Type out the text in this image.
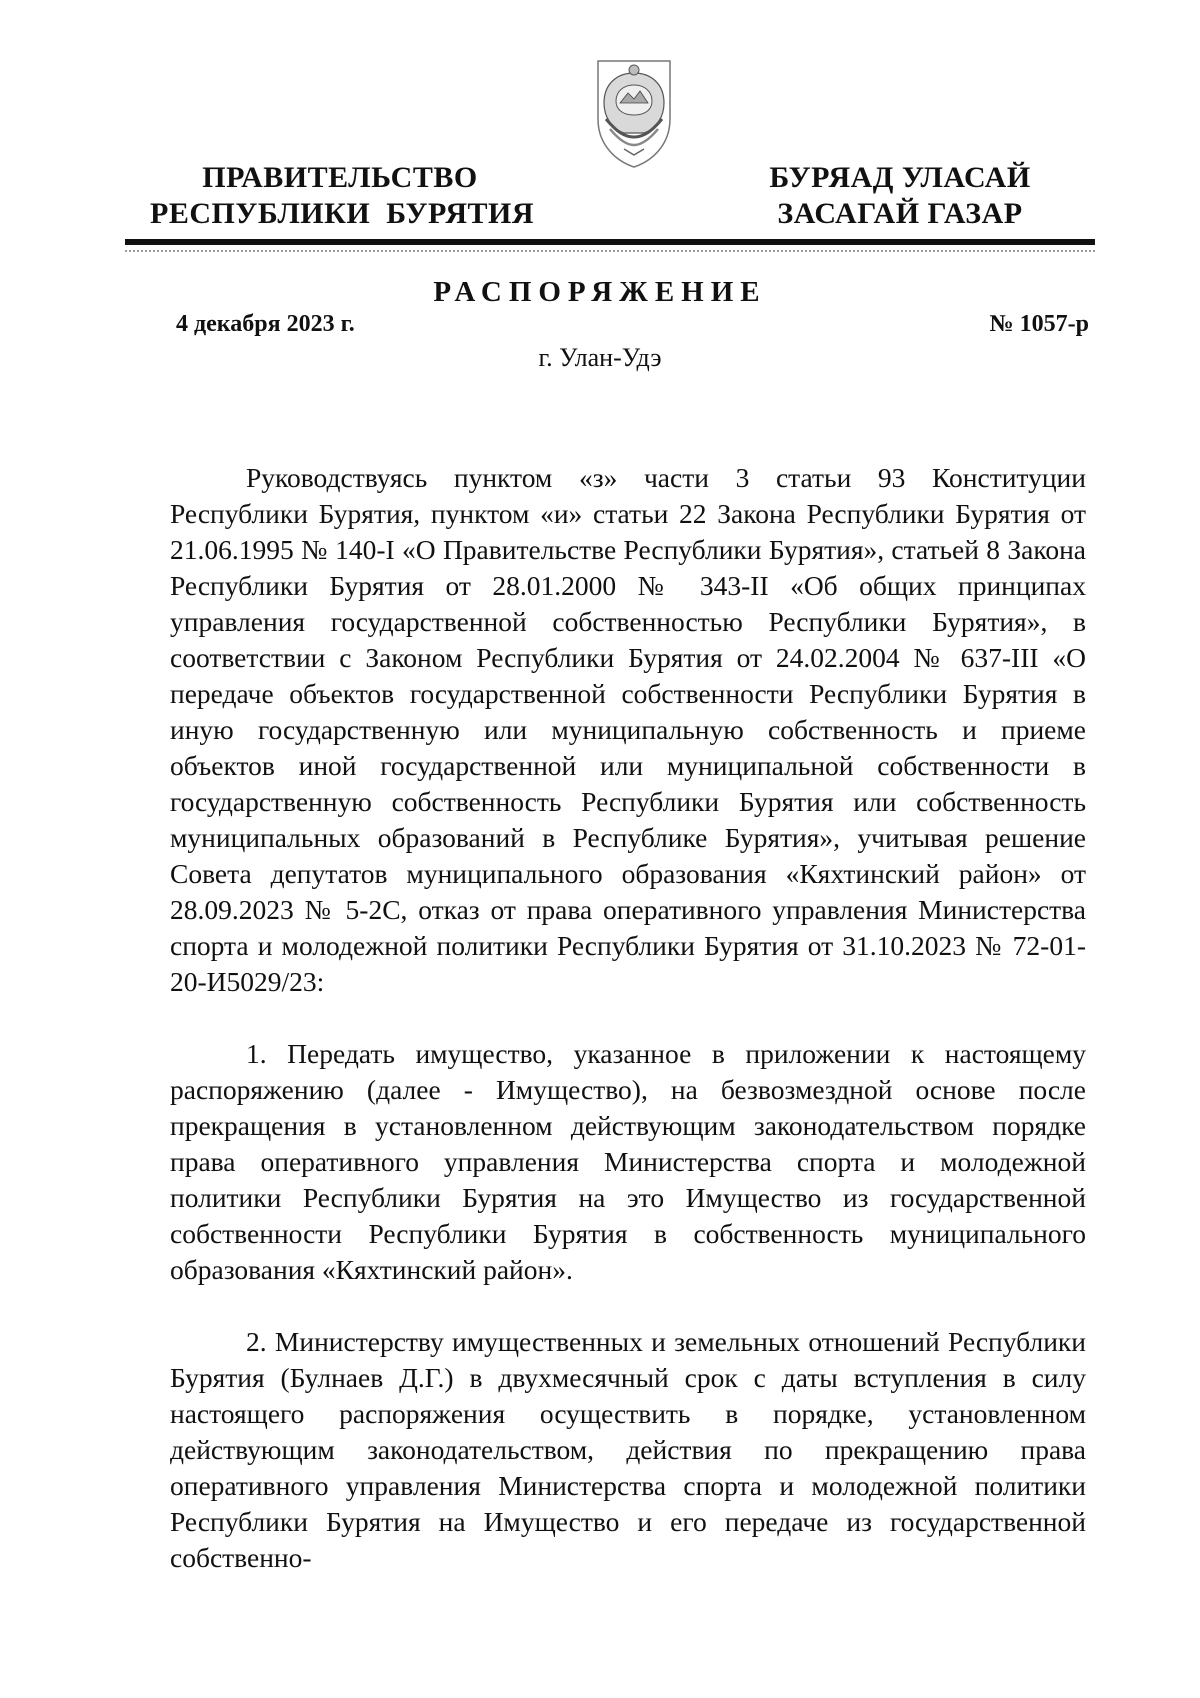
ПРАВИТЕЛЬСТВО
РЕСПУБЛИКИ  БУРЯТИЯ
БУРЯАД УЛАСАЙ
ЗАСАГАЙ ГАЗАР
РАСПОРЯЖЕНИЕ
4 декабря 2023 г.	№ 1057-р
г. Улан-Удэ

Руководствуясь пунктом «з» части 3 статьи 93 Конституции Республики Бурятия, пунктом «и» статьи 22 Закона Республики Бурятия от 21.06.1995 № 140-I «О Правительстве Республики Бурятия», статьей 8 Закона Республики Бурятия от 28.01.2000 № 343-II «Об общих принципах управления государственной собственностью Республики Бурятия», в соответствии с Законом Республики Бурятия от 24.02.2004 № 637-III «О передаче объектов государственной собственности Республики Бурятия в иную государственную или муниципальную собственность и приеме объектов иной государственной или муниципальной собственности в государственную собственность Республики Бурятия или собственность муниципальных образований в Республике Бурятия», учитывая решение Совета депутатов муниципального образования «Кяхтинский район» от 28.09.2023 № 5-2С, отказ от права оперативного управления Министерства спорта и молодежной политики Республики Бурятия от 31.10.2023 № 72-01-20-И5029/23:

1. Передать имущество, указанное в приложении к настоящему распоряжению (далее - Имущество), на безвозмездной основе после прекращения в установленном действующим законодательством порядке права оперативного управления Министерства спорта и молодежной политики Республики Бурятия на это Имущество из государственной собственности Республики Бурятия в собственность муниципального образования «Кяхтинский район».

2. Министерству имущественных и земельных отношений Республики Бурятия (Булнаев Д.Г.) в двухмесячный срок с даты вступления в силу настоящего распоряжения осуществить в порядке, установленном действующим законодательством, действия по прекращению права оперативного управления Министерства спорта и молодежной политики Республики Бурятия на Имущество и его передаче из государственной собственно-
